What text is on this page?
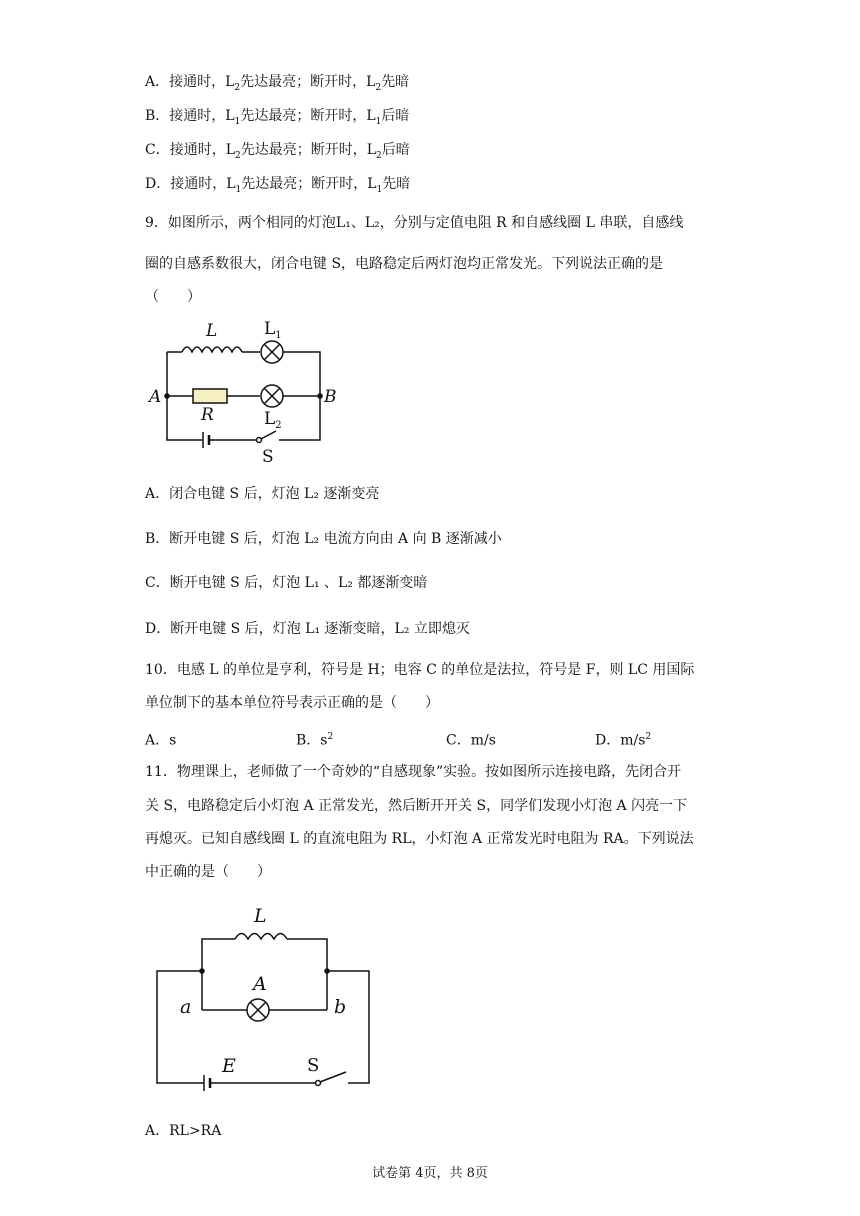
A．接通时，$L_2$先达最亮；断开时，$L_2$先暗
B．接通时，$L_1$先达最亮；断开时，$L_1$后暗
C．接通时，$L_2$先达最亮；断开时，$L_2$后暗
D．接通时，$L_1$先达最亮；断开时，$L_1$先暗
9．如图所示，两个相同的灯泡L₁、L₂，分别与定值电阻 R 和自感线圈 L 串联，自感线
圈的自感系数很大，闭合电键 S，电路稳定后两灯泡均正常发光。下列说法正确的是
（　　）
L	$L_1$
R	$L_2$
A	B
S
A．闭合电键 S 后，灯泡 L₂ 逐渐变亮
B．断开电键 S 后，灯泡 L₂ 电流方向由 A 向 B 逐渐减小
C．断开电键 S 后，灯泡 L₁ 、L₂ 都逐渐变暗
D．断开电键 S 后，灯泡 L₁ 逐渐变暗，L₂ 立即熄灭
10．电感 L 的单位是亨利，符号是 H；电容 C 的单位是法拉，符号是 F，则 LC 用国际
单位制下的基本单位符号表示正确的是（　　）
A．s	B．$s^2$	C．m/s	D．$m/s^2$
11．物理课上，老师做了一个奇妙的“自感现象”实验。按如图所示连接电路，先闭合开
关 S，电路稳定后小灯泡 A 正常发光，然后断开开关 S，同学们发现小灯泡 A 闪亮一下
再熄灭。已知自感线圈 L 的直流电阻为 RL，小灯泡 A 正常发光时电阻为 RA。下列说法
中正确的是（　　）
L
A
a	b
E	S
A．RL>RA
试卷第 4页，共 8页
